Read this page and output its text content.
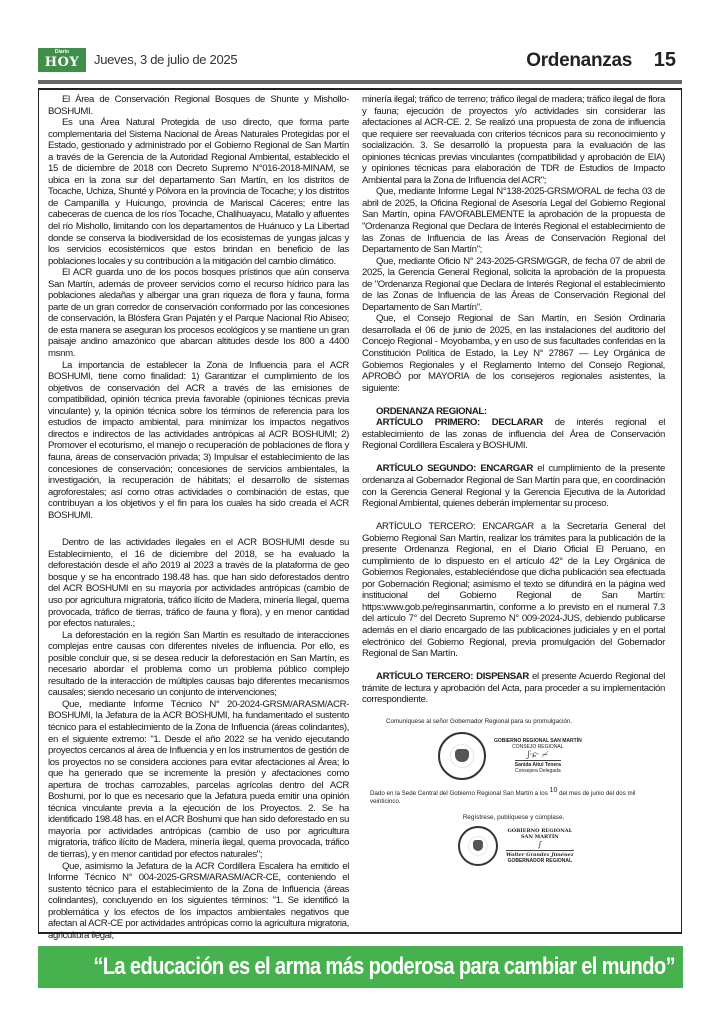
Diario
HOY	Jueves, 3 de julio de 2025	Ordenanzas 15

El Área de Conservación Regional Bosques de Shunte y Mishollo-BOSHUMI.

Es una Área Natural Protegida de uso directo, que forma parte complementaria del Sistema Nacional de Áreas Naturales Protegidas por el Estado, gestionado y administrado por el Gobierno Regional de San Martín a través de la Gerencia de la Autoridad Regional Ambiental, establecido el 15 de diciembre de 2018 con Decreto Supremo N°016-2018-MINAM, se ubica en la zona sur del departamento San Martín, en los distritos de Tocache, Uchiza, Shunté y Pólvora en la provincia de Tocache; y los distritos de Campanilla y Huicungo, provincia de Mariscal Cáceres; entre las cabeceras de cuenca de los ríos Tocache, Chalihuayacu, Matallo y afluentes del río Mishollo, limitando con los departamentos de Huánuco y La Libertad donde se conserva la biodiversidad de los ecosistemas de yungas jalcas y los servicios ecosistémicos que estos brindan en beneficio de las poblaciones locales y su contribución a la mitigación del cambio climático.

El ACR guarda uno de los pocos bosques prístinos que aún conserva San Martín, además de proveer servicios como el recurso hídrico para las poblaciones aledañas y albergar una gran riqueza de flora y fauna, forma parte de un gran corredor de conservación conformado por las concesiones de conservación, la Blósfera Gran Pajatén y el Parque Nacional Rio Abiseo; de esta manera se aseguran los procesos ecológicos y se mantiene un gran paisaje andino amazónico que abarcan altitudes desde los 800 a 4400 msnm.

La importancia de establecer la Zona de Influencia para el ACR BOSHUMI, tiene como finalidad: 1) Garantizar el cumplimiento de los objetivos de conservación del ACR a través de las emisiones de compatibilidad, opinión técnica previa favorable (opiniones técnicas previa vinculante) y, la opinión técnica sobre los términos de referencia para los estudios de impacto ambiental, para minimizar los impactos negativos directos e indirectos de las actividades antrópicas al ACR BOSHUMI; 2) Promover el ecoturismo, el manejo o recuperación de poblaciones de flora y fauna, áreas de conservación privada; 3) Impulsar el establecimiento de las concesiones de conservación; concesiones de servicios ambientales, la investigación, la recuperación de hábitats; el desarrollo de sistemas agroforestales; así como otras actividades o combinación de estas, que contribuyan a los objetivos y el fin para los cuales ha sido creada el ACR BOSHUMI.

Dentro de las actividades ilegales en el ACR BOSHUMI desde su Establecimiento, el 16 de diciembre del 2018, se ha evaluado la deforestación desde el año 2019 al 2023 a través de la plataforma de geo bosque y se ha encontrado 198.48 has. que han sido deforestados dentro del ACR BOSHUMI en su mayoría por actividades antrópicas (cambio de uso por agricultura migratoria, tráfico ilícito de Madera, minería Ilegal, quema provocada, tráfico de tierras, tráfico de fauna y flora), y en menor cantidad por efectos naturales.;

La deforestación en la región San Martín es resultado de interacciones complejas entre causas con diferentes niveles de influencia. Por ello, es posible concluir que, si se desea reducir la deforestación en San Martín, es necesario abordar el problema como un problema público complejo resultado de la interacción de múltiples causas bajo diferentes mecanismos causales; siendo necesario un conjunto de intervenciones;

Que, mediante Informe Técnico N° 20-2024-GRSM/ARASM/ACR-BOSHUMI, la Jefatura de la ACR BOSHUMI, ha fundamentado el sustento técnico para el establecimiento de la Zona de Influencia (áreas colindantes), en el siguiente extremo: "1. Desde el año 2022 se ha venido ejecutando proyectos cercanos al área de Influencia y en los instrumentos de gestión de los proyectos no se considera acciones para evitar afectaciones al Área; lo que ha generado que se incremente la presión y afectaciones como apertura de trochas carrozables, parcelas agrícolas dentro del ACR Boshumi, por lo que es necesario que la Jefatura pueda emitir una opinión técnica vinculante previa a la ejecución de los Proyectos. 2. Se ha identificado 198.48 has. en el ACR Boshumi que han sido deforestado en su mayoría por actividades antrópicas (cambio de uso por agricultura migratoria, tráfico ilícito de Madera, minería ilegal, quema provocada, tráfico de tierras), y en menor cantidad por efectos naturales";

Que, asimismo la Jefatura de la ACR Cordillera Escalera ha emitido el Informe Técnico N° 004-2025-GRSM/ARASM/ACR-CE, conteniendo el sustento técnico para el establecimiento de la Zona de Influencia (áreas colindantes), concluyendo en los siguientes términos: "1. Se identificó la problemática y los efectos de los impactos ambientales negativos que afectan al ACR-CE por actividades antrópicas como la agricultura migratoria, agricultura ilegal;

minería ilegal; tráfico de terreno; tráfico ilegal de madera; tráfico ilegal de flora y fauna; ejecución de proyectos y/o actividades sin considerar las afectaciones al ACR-CE. 2. Se realizó una propuesta de zona de influencia que requiere ser reevaluada con criterios técnicos para su reconocimiento y socialización. 3. Se desarrolló la propuesta para la evaluación de las opiniones técnicas previas vinculantes (compatibilidad y aprobación de EIA) y opiniones técnicas para elaboración de TDR de Estudios de Impacto Ambiental para la Zona de Influencia del ACR";

Que, mediante Informe Legal N°138-2025-GRSM/ORAL de fecha 03 de abril de 2025, la Oficina Regional de Asesoría Legal del Gobierno Regional San Martín, opina FAVORABLEMENTE la aprobación de la propuesta de "Ordenanza Regional que Declara de Interés Regional el establecimiento de las Zonas de Influencia de las Áreas de Conservación Regional del Departamento de San Martín";

Que, mediante Oficio N° 243-2025-GRSM/GGR, de fecha 07 de abril de 2025, la Gerencia General Regional, solicita la aprobación de la propuesta de "Ordenanza Regional que Declara de Interés Regional el establecimiento de las Zonas de Influencia de las Áreas de Conservación Regional del Departamento de San Martín".

Que, el Consejo Regional de San Martín, en Sesión Ordinaria desarrollada el 06 de junio de 2025, en las instalaciones del auditorio del Concejo Regional - Moyobamba, y en uso de sus facultades conferidas en la Constitución Política de Estado, la Ley N° 27867 — Ley Orgánica de Gobiernos Regionales y el Reglamento Interno del Consejo Regional, APROBÓ por MAYORIA de los consejeros regionales asistentes, la siguiente:

ORDENANZA REGIONAL:

ARTÍCULO PRIMERO: DECLARAR de interés regional el establecimiento de las zonas de influencia del Área de Conservación Regional Cordillera Escalera y BOSHUMI.

ARTÍCULO SEGUNDO: ENCARGAR el cumplimiento de la presente ordenanza al Gobernador Regional de San Martín para que, en coordinación con la Gerencia General Regional y la Gerencia Ejecutiva de la Autoridad Regional Ambiental, quienes deberán implementar su proceso.

ARTÍCULO TERCERO: ENCARGAR a la Secretaría General del Gobierno Regional San Martín, realizar los trámites para la publicación de la presente Ordenanza Regional, en el Diario Oficial El Peruano, en cumplimiento de lo dispuesto en el artículo 42° de la Ley Orgánica de Gobiernos Regionales, estableciéndose que dicha publicación sea efectuada por Gobernación Regional; asimismo el texto se difundirá en la página wed institucional del Gobierno Regional de San Martín: https:www.gob.pe/reginsanmartin, conforme a lo previsto en el numeral 7.3 del artículo 7° del Decreto Supremo N° 009-2024-JUS, debiendo publicarse además en el diario encargado de las publicaciones judiciales y en el portal electrónico del Gobierno Regional, previa promulgación del Gobernador Regional de San Martín.

ARTÍCULO TERCERO: DISPENSAR el presente Acuerdo Regional del trámite de lectura y aprobación del Acta, para proceder a su implementación correspondiente.

Comuníquese al señor Gobernador Regional para su promulgación.
GOBIERNO REGIONAL SAN MARTÍN
CONSEJO REGIONAL
ʃ·ɕ· ≁
Sanida Aitul Tenera
Consejera Delegada
Dado en la Sede Central del Gobierno Regional San Martín a los $^{10}$ del mes de junio del dos mil veinticinco.
Regístrese, publíquese y cúmplase.
GOBIERNO REGIONAL
SAN MARTÍN
∫
Walter Grandez Jiménez
GOBERNADOR REGIONAL
“La educación es el arma más poderosa para cambiar el mundo”
